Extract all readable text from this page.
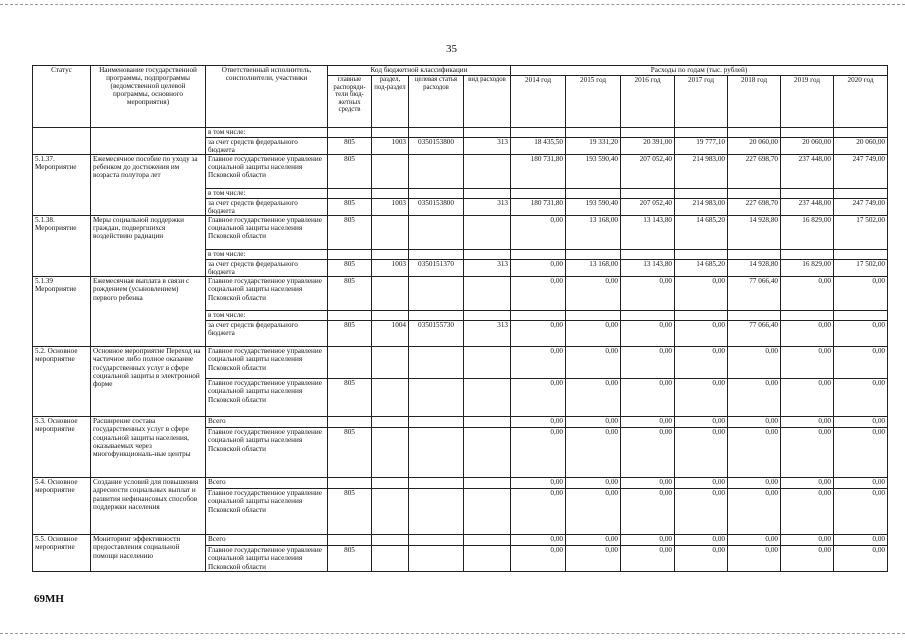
35
Статус	Наименование государственной программы, подпрограммы (ведомственной целевой программы, основного мероприятия)	Ответственный исполнитель, соисполнители, участники	Код бюджетной классификации				Расходы по годам (тыс. рублей)						
			главные распоряди-тели бюд-жетных средств	раздел, под-раздел	целевая статья расходов	вид расходов	2014 год	2015 год	2016 год	2017 год	2018 год	2019 год	2020 год
		в том числе:											
		за счет средств федерального бюджета	805	1003	0350153800	313	18 435,50	19 331,20	20 391,00	19 777,10	20 060,00	20 060,00	20 060,00
5.1.37. Мероприятие	Ежемесячное пособие по уходу за ребенком до достижения им возраста полутора лет	Главное государственное управление социальной защиты населения Псковской области	805				180 731,80	193 590,40	207 052,40	214 983,00	227 698,70	237 448,00	247 749,00
		в том числе:											
		за счет средств федерального бюджета	805	1003	0350153800	313	180 731,80	193 590,40	207 052,40	214 983,00	227 698,70	237 448,00	247 749,00
5.1.38. Мероприятие	Меры социальной поддержки граждан, подвергшихся воздействию радиации	Главное государственное управление социальной защиты населения Псковской области	805				0,00	13 168,00	13 143,80	14 685,20	14 928,80	16 829,00	17 502,00
		в том числе:											
		за счет средств федерального бюджета	805	1003	0350151370	313	0,00	13 168,00	13 143,80	14 685,20	14 928,80	16 829,00	17 502,00
5.1.39 Мероприятие	Ежемесячная выплата в связи с рождением (усыновлением) первого ребенка	Главное государственное управление социальной защиты населения Псковской области	805				0,00	0,00	0,00	0,00	77 066,40	0,00	0,00
		в том числе:											
		за счет средств федерального бюджета	805	1004	0350155730	313	0,00	0,00	0,00	0,00	77 066,40	0,00	0,00
5.2. Основное мероприятие	Основное мероприятие Переход на частичное либо полное оказание государственных услуг в сфере социальной защиты в электронной форме	Главное государственное управление социальной защиты населения Псковской области					0,00	0,00	0,00	0,00	0,00	0,00	0,00
		Главное государственное управление социальной защиты населения Псковской области	805				0,00	0,00	0,00	0,00	0,00	0,00	0,00
5.3. Основное мероприятие	Расширение состава государственных услуг в сфере социальной защиты населения, оказываемых через многофункциональ-ные центры	Всего					0,00	0,00	0,00	0,00	0,00	0,00	0,00
		Главное государственное управление социальной защиты населения Псковской области	805				0,00	0,00	0,00	0,00	0,00	0,00	0,00
5.4. Основное мероприятие	Создание условий для повышения адресности социальных выплат и развития нефинансовых способов поддержки населения	Всего					0,00	0,00	0,00	0,00	0,00	0,00	0,00
		Главное государственное управление социальной защиты населения Псковской области	805				0,00	0,00	0,00	0,00	0,00	0,00	0,00
5.5. Основное мероприятие	Мониторинг эффективности предоставления социальной помощи населению	Всего					0,00	0,00	0,00	0,00	0,00	0,00	0,00
		Главное государственное управление социальной защиты населения Псковской области	805				0,00	0,00	0,00	0,00	0,00	0,00	0,00
69МН
